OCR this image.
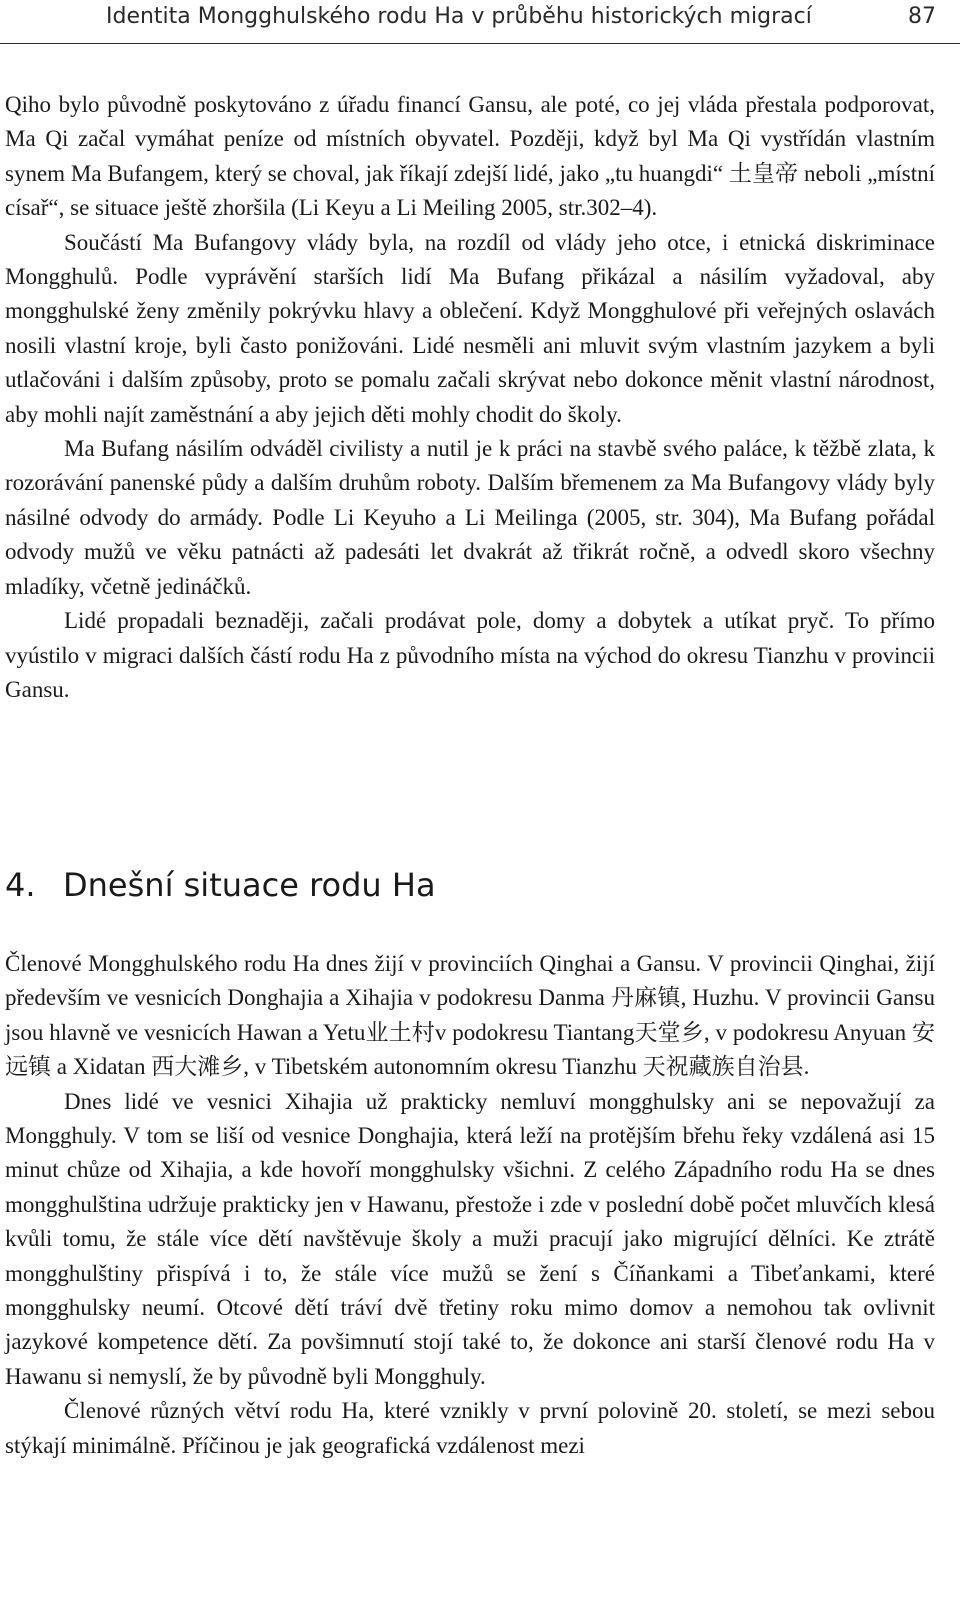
Identita Mongghulského rodu Ha v průběhu historických migrací	87

Qiho bylo původně poskytováno z úřadu financí Gansu, ale poté, co jej vláda přestala podporovat, Ma Qi začal vymáhat peníze od místních obyvatel. Později, když byl Ma Qi vystřídán vlastním synem Ma Bufangem, který se choval, jak říkají zdejší lidé, jako „tu huangdi“ 土皇帝 neboli „místní císař“, se situace ještě zhoršila (Li Keyu a Li Meiling 2005, str.302–4).

Součástí Ma Bufangovy vlády byla, na rozdíl od vlády jeho otce, i etnická diskriminace Mongghulů. Podle vyprávění starších lidí Ma Bufang přikázal a násilím vyžadoval, aby mongghulské ženy změnily pokrývku hlavy a oblečení. Když Mongghulové při veřejných oslavách nosili vlastní kroje, byli často ponižováni. Lidé nesměli ani mluvit svým vlastním jazykem a byli utlačováni i dalším způsoby, proto se pomalu začali skrývat nebo dokonce měnit vlastní národnost, aby mohli najít zaměstnání a aby jejich děti mohly chodit do školy.

Ma Bufang násilím odváděl civilisty a nutil je k práci na stavbě svého paláce, k těžbě zlata, k rozorávání panenské půdy a dalším druhům roboty. Dalším břemenem za Ma Bufangovy vlády byly násilné odvody do armády. Podle Li Keyuho a Li Meilinga (2005, str. 304), Ma Bufang pořádal odvody mužů ve věku patnácti až padesáti let dvakrát až třikrát ročně, a odvedl skoro všechny mladíky, včetně jedináčků.

Lidé propadali beznaději, začali prodávat pole, domy a dobytek a utíkat pryč. To přímo vyústilo v migraci dalších částí rodu Ha z původního místa na východ do okresu Tianzhu v provincii Gansu.

4. Dnešní situace rodu Ha

Členové Mongghulského rodu Ha dnes žijí v provinciích Qinghai a Gansu. V provincii Qinghai, žijí především ve vesnicích Donghajia a Xihajia v podokresu Danma 丹麻镇, Huzhu. V provincii Gansu jsou hlavně ve vesnicích Hawan a Yetu业土村v podokresu Tiantang天堂乡, v podokresu Anyuan 安远镇 a Xidatan 西大滩乡, v Tibetském autonomním okresu Tianzhu 天祝藏族自治县.

Dnes lidé ve vesnici Xihajia už prakticky nemluví mongghulsky ani se nepovažují za Mongghuly. V tom se liší od vesnice Donghajia, která leží na protějším břehu řeky vzdálená asi 15 minut chůze od Xihajia, a kde hovoří mongghulsky všichni. Z celého Západního rodu Ha se dnes mongghulština udržuje prakticky jen v Hawanu, přestože i zde v poslední době počet mluvčích klesá kvůli tomu, že stále více dětí navštěvuje školy a muži pracují jako migrující dělníci. Ke ztrátě mongghulštiny přispívá i to, že stále více mužů se žení s Číňankami a Tibeťankami, které mongghulsky neumí. Otcové dětí tráví dvě třetiny roku mimo domov a nemohou tak ovlivnit jazykové kompetence dětí. Za povšimnutí stojí také to, že dokonce ani starší členové rodu Ha v Hawanu si nemyslí, že by původně byli Mongghuly.

Členové různých větví rodu Ha, které vznikly v první polovině 20. století, se mezi sebou stýkají minimálně. Příčinou je jak geografická vzdálenost mezi
